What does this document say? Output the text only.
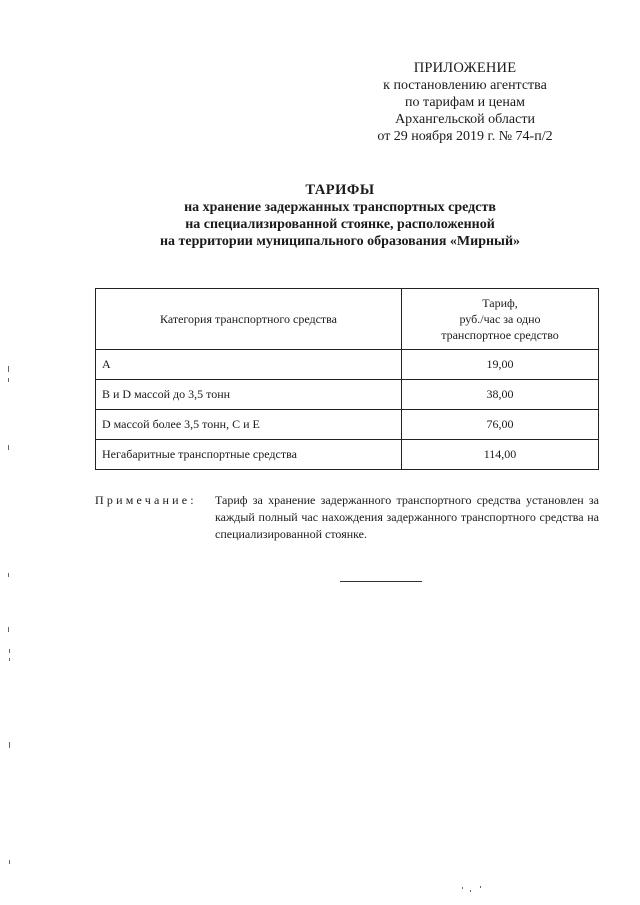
ПРИЛОЖЕНИЕ
к постановлению агентства
по тарифам и ценам
Архангельской области
от 29 ноября 2019 г. № 74-п/2
ТАРИФЫ
на хранение задержанных транспортных средств
на специализированной стоянке, расположенной
на территории муниципального образования «Мирный»
Категория транспортного средства	Тариф,
руб./час за одно
транспортное средство

A	19,00
B и D массой до 3,5 тонн	38,00
D массой более 3,5 тонн, C и E	76,00
Негабаритные транспортные средства	114,00
Примечание: Тариф за хранение задержанного транспортного средства установлен за каждый полный час нахождения задержанного транспортного средства на специализированной стоянке.
